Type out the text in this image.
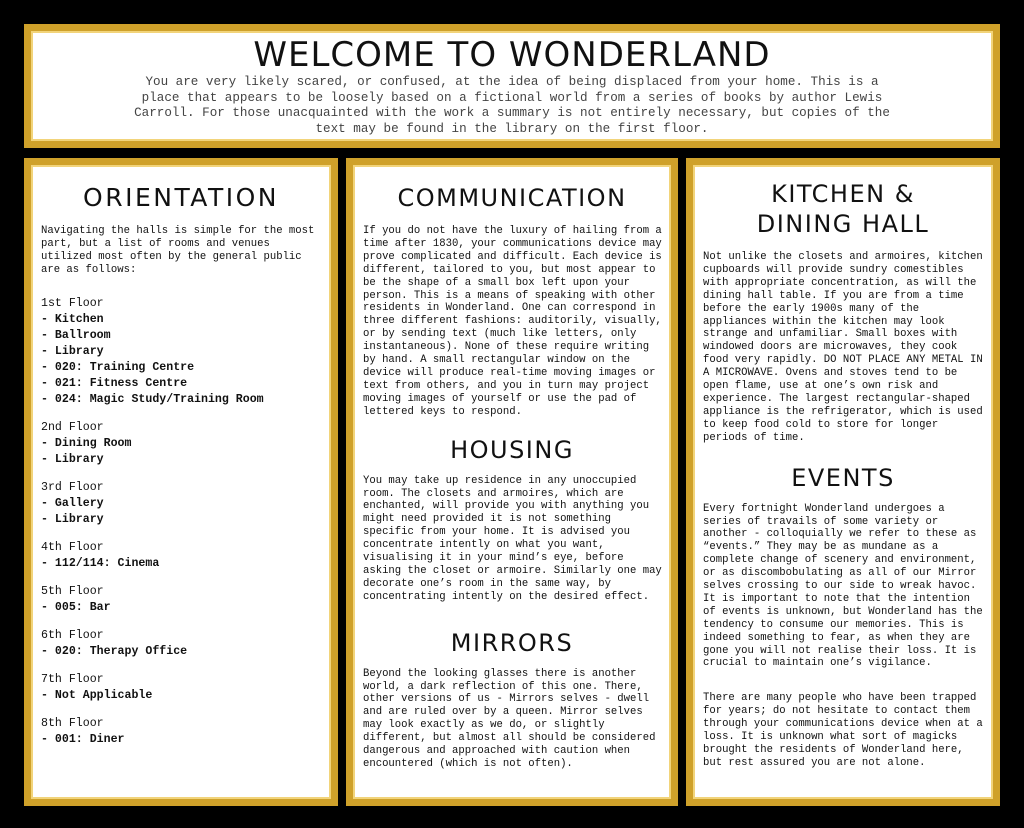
WELCOME TO WONDERLAND

You are very likely scared, or confused, at the idea of being displaced from your home. This is a place that appears to be loosely based on a fictional world from a series of books by author Lewis Carroll. For those unacquainted with the work a summary is not entirely necessary, but copies of the text may be found in the library on the first floor.

ORIENTATION

Navigating the halls is simple for the most part, but a list of rooms and venues utilized most often by the general public are as follows:

1st Floor
- Kitchen
- Ballroom
- Library
- 020: Training Centre
- 021: Fitness Centre
- 024: Magic Study/Training Room
2nd Floor
- Dining Room
- Library
3rd Floor
- Gallery
- Library
4th Floor
- 112/114: Cinema
5th Floor
- 005: Bar
6th Floor
- 020: Therapy Office
7th Floor
- Not Applicable
8th Floor
- 001: Diner
COMMUNICATION

If you do not have the luxury of hailing from a time after 1830, your communications device may prove complicated and difficult. Each device is different, tailored to you, but most appear to be the shape of a small box left upon your person. This is a means of speaking with other residents in Wonderland. One can correspond in three different fashions: auditorily, visually, or by sending text (much like letters, only instantaneous). None of these require writing by hand. A small rectangular window on the device will produce real-time moving images or text from others, and you in turn may project moving images of yourself or use the pad of lettered keys to respond.

HOUSING

You may take up residence in any unoccupied room. The closets and armoires, which are enchanted, will provide you with anything you might need provided it is not something specific from your home. It is advised you concentrate intently on what you want, visualising it in your mind’s eye, before asking the closet or armoire. Similarly one may decorate one’s room in the same way, by concentrating intently on the desired effect.

MIRRORS

Beyond the looking glasses there is another world, a dark reflection of this one. There, other versions of us - Mirrors selves - dwell and are ruled over by a queen. Mirror selves may look exactly as we do, or slightly different, but almost all should be considered dangerous and approached with caution when encountered (which is not often).

KITCHEN &
DINING HALL

Not unlike the closets and armoires, kitchen cupboards will provide sundry comestibles with appropriate concentration, as will the dining hall table. If you are from a time before the early 1900s many of the appliances within the kitchen may look strange and unfamiliar. Small boxes with windowed doors are microwaves, they cook food very rapidly. DO NOT PLACE ANY METAL IN A MICROWAVE. Ovens and stoves tend to be open flame, use at one’s own risk and experience. The largest rectangular-shaped appliance is the refrigerator, which is used to keep food cold to store for longer periods of time.

EVENTS

Every fortnight Wonderland undergoes a series of travails of some variety or another - colloquially we refer to these as “events.” They may be as mundane as a complete change of scenery and environment, or as discombobulating as all of our Mirror selves crossing to our side to wreak havoc. It is important to note that the intention of events is unknown, but Wonderland has the tendency to consume our memories. This is indeed something to fear, as when they are gone you will not realise their loss. It is crucial to maintain one’s vigilance.

There are many people who have been trapped for years; do not hesitate to contact them through your communications device when at a loss. It is unknown what sort of magicks brought the residents of Wonderland here, but rest assured you are not alone.
